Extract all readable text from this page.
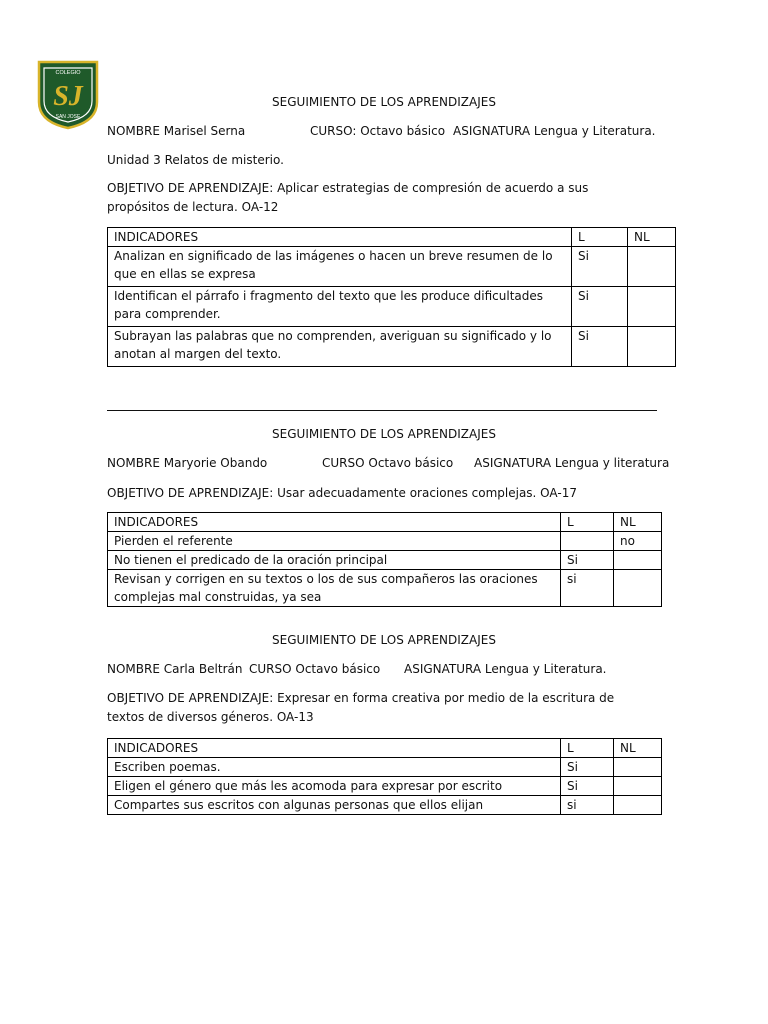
COLEGIO
SJ
SAN JOSE
SEGUIMIENTO DE LOS APRENDIZAJES
NOMBRE Marisel Serna	CURSO: Octavo básico ASIGNATURA Lengua y Literatura.
Unidad 3 Relatos de misterio.
OBJETIVO DE APRENDIZAJE: Aplicar estrategias de compresión de acuerdo a sus propósitos de lectura. OA-12
INDICADORES	L	NL
Analizan en significado de las imágenes o hacen un breve resumen de lo que en ellas se expresa	Si	
Identifican el párrafo i fragmento del texto que les produce dificultades para comprender.	Si	
Subrayan las palabras que no comprenden, averiguan su significado y lo anotan al margen del texto.	Si	
SEGUIMIENTO DE LOS APRENDIZAJES
NOMBRE Maryorie Obando	CURSO Octavo básico ASIGNATURA Lengua y literatura
OBJETIVO DE APRENDIZAJE: Usar adecuadamente oraciones complejas. OA-17
INDICADORES	L	NL
Pierden el referente		no
No tienen el predicado de la oración principal	Si	
Revisan y corrigen en su textos o los de sus compañeros las oraciones complejas mal construidas, ya sea	si	
SEGUIMIENTO DE LOS APRENDIZAJES
NOMBRE Carla Beltrán CURSO Octavo básico ASIGNATURA Lengua y Literatura.
OBJETIVO DE APRENDIZAJE: Expresar en forma creativa por medio de la escritura de textos de diversos géneros. OA-13
INDICADORES	L	NL
Escriben poemas.	Si	
Eligen el género que más les acomoda para expresar por escrito	Si	
Compartes sus escritos con algunas personas que ellos elijan	si	
